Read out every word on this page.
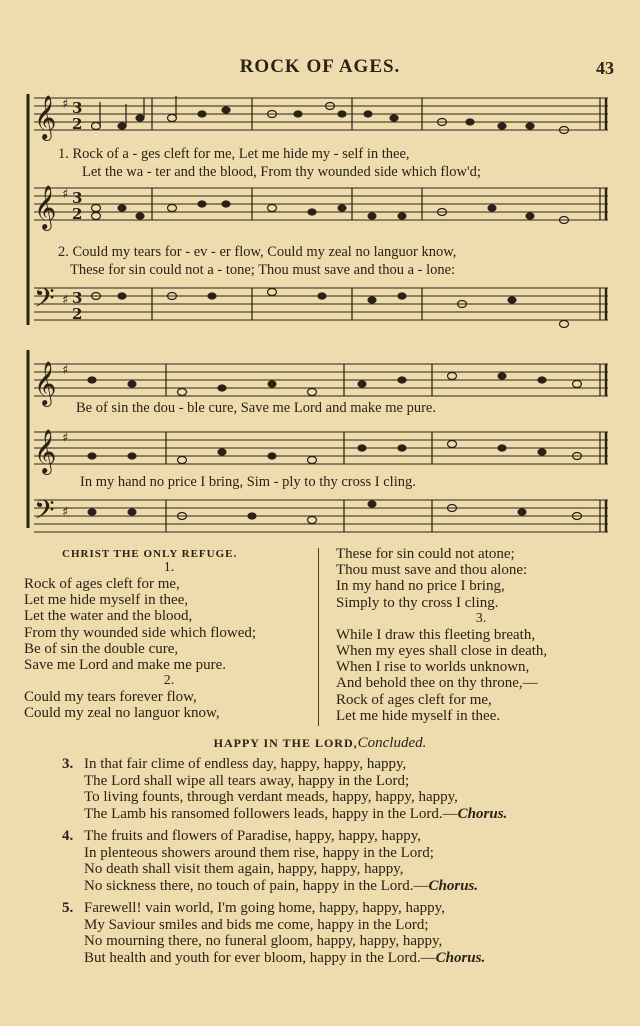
ROCK OF AGES.	43
𝄞
𝄞
𝄢
♯
♯
♯
3
2
3
2
3
2
1. Rock of a - ges cleft for me, Let me hide my - self in thee,
Let the wa - ter and the blood, From thy wounded side which flow'd;
2. Could my tears for - ev - er flow, Could my zeal no languor know,
These for sin could not a - tone; Thou must save and thou a - lone:
𝄞
𝄞
𝄢
♯
♯
♯
Be of sin the dou - ble cure, Save me Lord and make me pure.
In my hand no price I bring, Sim - ply to thy cross I cling.
CHRIST THE ONLY REFUGE.
1.
Rock of ages cleft for me,
Let me hide myself in thee,
Let the water and the blood,
From thy wounded side which flowed;
Be of sin the double cure,
Save me Lord and make me pure.
2.
Could my tears forever flow,
Could my zeal no languor know,
These for sin could not atone;
Thou must save and thou alone:
In my hand no price I bring,
Simply to thy cross I cling.
3.
While I draw this fleeting breath,
When my eyes shall close in death,
When I rise to worlds unknown,
And behold thee on thy throne,—
Rock of ages cleft for me,
Let me hide myself in thee.
HAPPY IN THE LORD,Concluded.
3. In that fair clime of endless day, happy, happy, happy,
The Lord shall wipe all tears away, happy in the Lord;
To living founts, through verdant meads, happy, happy, happy,
The Lamb his ransomed followers leads, happy in the Lord.—Chorus.
4. The fruits and flowers of Paradise, happy, happy, happy,
In plenteous showers around them rise, happy in the Lord;
No death shall visit them again, happy, happy, happy,
No sickness there, no touch of pain, happy in the Lord.—Chorus.
5. Farewell! vain world, I'm going home, happy, happy, happy,
My Saviour smiles and bids me come, happy in the Lord;
No mourning there, no funeral gloom, happy, happy, happy,
But health and youth for ever bloom, happy in the Lord.—Chorus.
